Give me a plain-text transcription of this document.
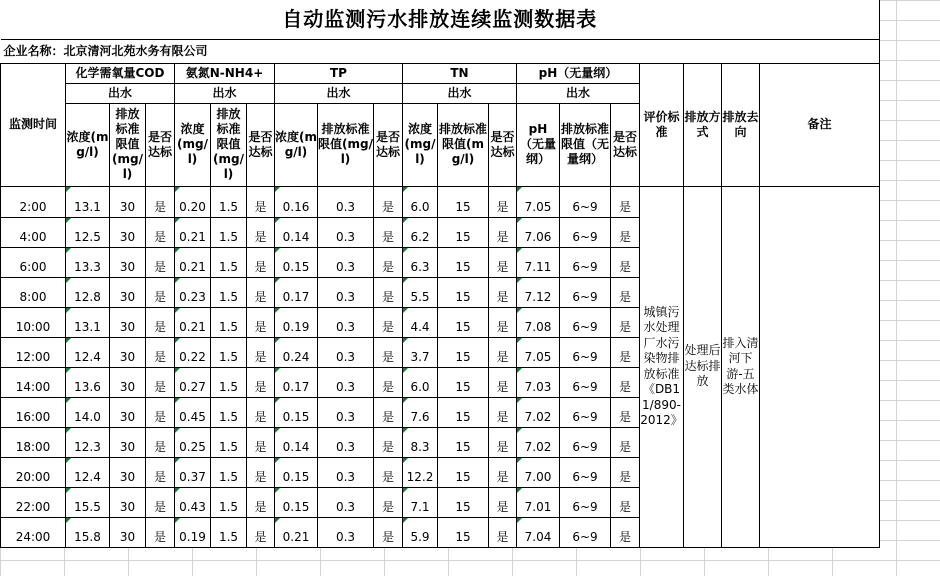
自动监测污水排放连续监测数据表																			
企业名称：北京清河北苑水务有限公司																			
监测时间	化学需氧量COD			氨氮N-NH4+			TP			TN			pH（无量纲）			评价标准	排放方式	排放去向	备注
	出水			出水			出水			出水			出水						
	浓度(mg/l)	排放标准限值(mg/l)	是否达标	浓度(mg/l)	排放标准限值(mg/l)	是否达标	浓度(mg/l)	排放标准限值(mg/l)	是否达标	浓度(mg/l)	排放标准限值(mg/l)	是否达标	pH（无量纲）	排放标准限值（无量纲）	是否达标				
2:00	13.1	30	是	0.20	1.5	是	0.16	0.3	是	6.0	15	是	7.05	6~9	是	城镇污水处理厂水污染物排放标准《DB11/890-2012》	处理后达标排放	排入清河下游-五类水体	
4:00	12.5	30	是	0.21	1.5	是	0.14	0.3	是	6.2	15	是	7.06	6~9	是				
6:00	13.3	30	是	0.21	1.5	是	0.15	0.3	是	6.3	15	是	7.11	6~9	是				
8:00	12.8	30	是	0.23	1.5	是	0.17	0.3	是	5.5	15	是	7.12	6~9	是				
10:00	13.1	30	是	0.21	1.5	是	0.19	0.3	是	4.4	15	是	7.08	6~9	是				
12:00	12.4	30	是	0.22	1.5	是	0.24	0.3	是	3.7	15	是	7.05	6~9	是				
14:00	13.6	30	是	0.27	1.5	是	0.17	0.3	是	6.0	15	是	7.03	6~9	是				
16:00	14.0	30	是	0.45	1.5	是	0.15	0.3	是	7.6	15	是	7.02	6~9	是				
18:00	12.3	30	是	0.25	1.5	是	0.14	0.3	是	8.3	15	是	7.02	6~9	是				
20:00	12.4	30	是	0.37	1.5	是	0.15	0.3	是	12.2	15	是	7.00	6~9	是				
22:00	15.5	30	是	0.43	1.5	是	0.15	0.3	是	7.1	15	是	7.01	6~9	是				
24:00	15.8	30	是	0.19	1.5	是	0.21	0.3	是	5.9	15	是	7.04	6~9	是				
